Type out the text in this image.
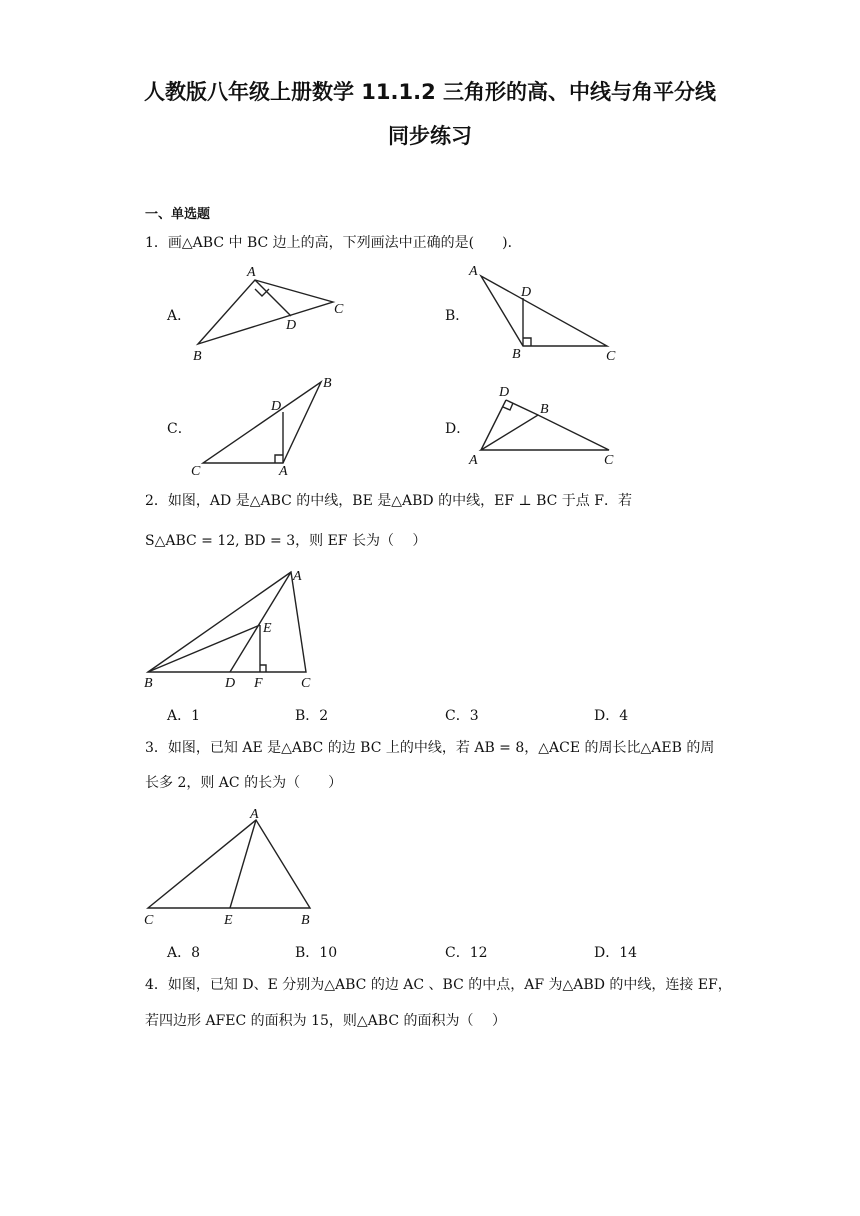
人教版八年级上册数学 11.1.2 三角形的高、中线与角平分线
同步练习
一、单选题
1．画△ABC 中 BC 边上的高，下列画法中正确的是(　　)．
A．	B．
C．	D．
A
B
C
D
A
D
B	C
B
D
C	A
D
B
A	C
2．如图，AD 是△ABC 的中线，BE 是△ABD 的中线，EF ⊥ BC 于点 F．若
S△ABC = 12, BD = 3，则 EF 长为（　 ）
A
E
B	D F	C
A．1	B．2	C．3	D．4
3．如图，已知 AE 是△ABC 的边 BC 上的中线，若 AB = 8，△ACE 的周长比△AEB 的周
长多 2，则 AC 的长为（　　）
A
C	E	B
A．8	B．10	C．12	D．14
4．如图，已知 D、E 分别为△ABC 的边 AC 、BC 的中点，AF 为△ABD 的中线，连接 EF，
若四边形 AFEC 的面积为 15，则△ABC 的面积为（　 ）
